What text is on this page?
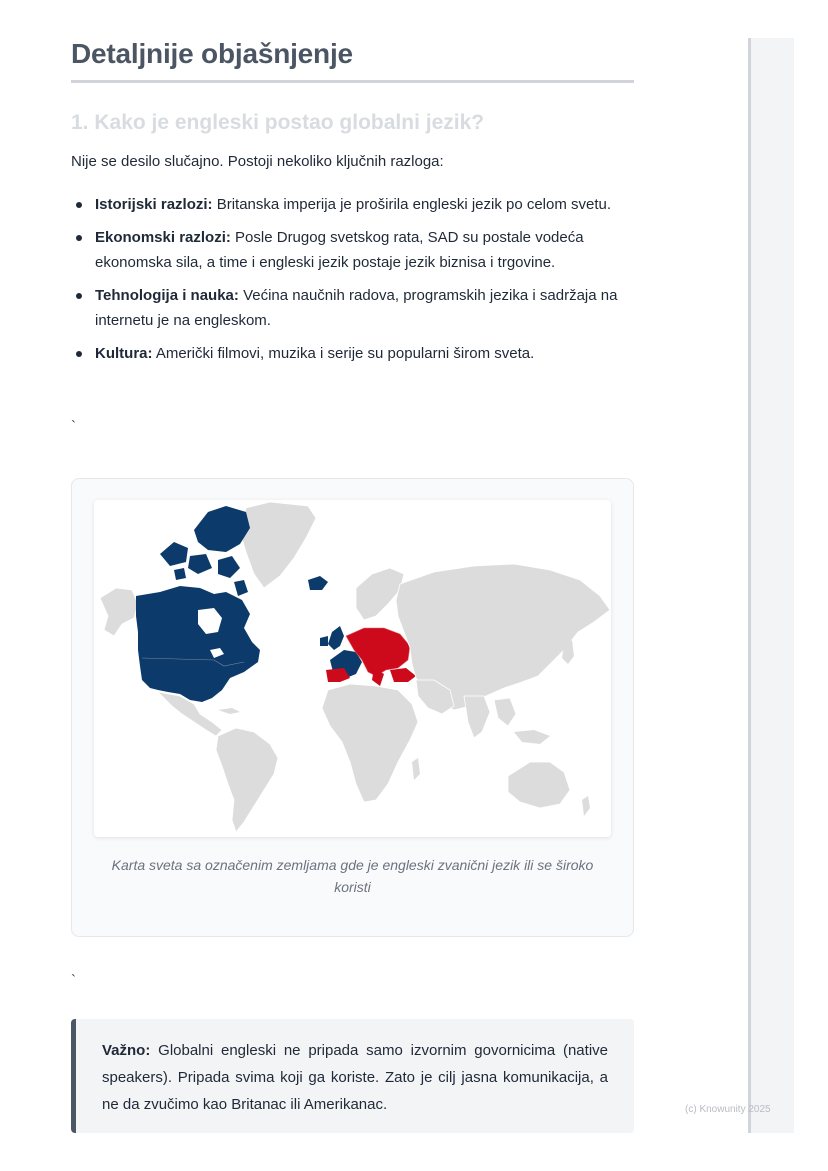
Detaljnije objašnjenje
1. Kako je engleski postao globalni jezik?

Nije se desilo slučajno. Postoji nekoliko ključnih razloga:

Istorijski razlozi: Britanska imperija je proširila engleski jezik po celom svetu.
Ekonomski razlozi: Posle Drugog svetskog rata, SAD su postale vodeća ekonomska sila, a time i engleski jezik postaje jezik biznisa i trgovine.
Tehnologija i nauka: Većina naučnih radova, programskih jezika i sadržaja na internetu je na engleskom.
Kultura: Američki filmovi, muzika i serije su popularni širom sveta.

`

Karta sveta sa označenim zemljama gde je engleski zvanični jezik ili se široko koristi

`

Važno: Globalni engleski ne pripada samo izvornim govornicima (native speakers). Pripada svima koji ga koriste. Zato je cilj jasna komunikacija, a ne da zvučimo kao Britanac ili Amerikanac.	(c) Knowunity 2025
